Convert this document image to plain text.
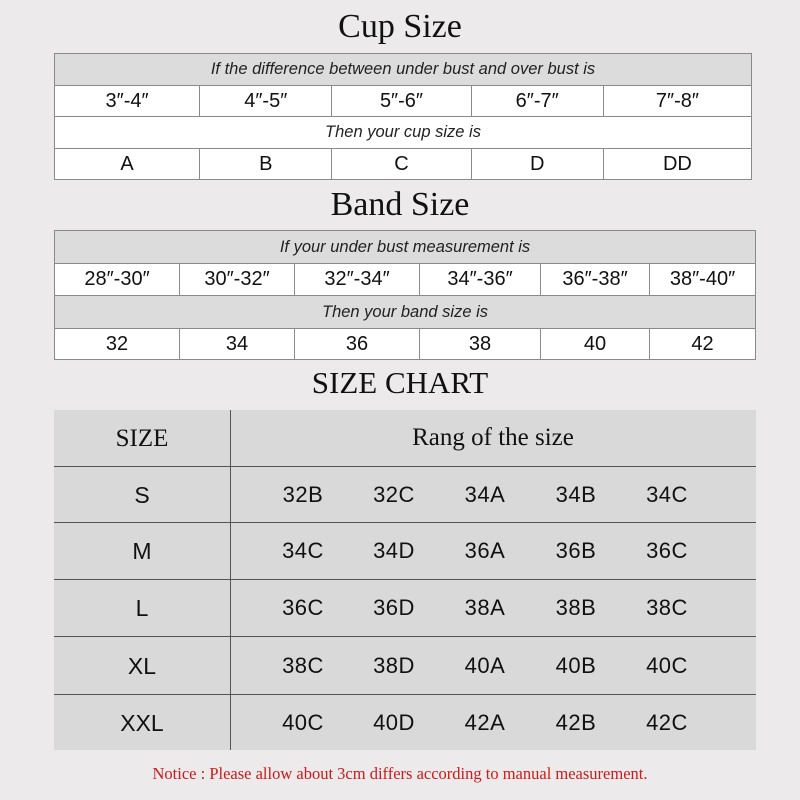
Cup Size
If the difference between under bust and over bust is				
3″-4″	4″-5″	5″-6″	6″-7″	7″-8″
Then your cup size is				
A	B	C	D	DD
Band Size
If your under bust measurement is					
28″-30″	30″-32″	32″-34″	34″-36″	36″-38″	38″-40″
Then your band size is					
32	34	36	38	40	42
SIZE CHART
SIZE	Rang of the size
S	32B	32C	34A	34B	34C
M	34C	34D	36A	36B	36C
L	36C	36D	38A	38B	38C
XL	38C	38D	40A	40B	40C
XXL	40C	40D	42A	42B	42C
Notice : Please allow about 3cm differs according to manual measurement.
